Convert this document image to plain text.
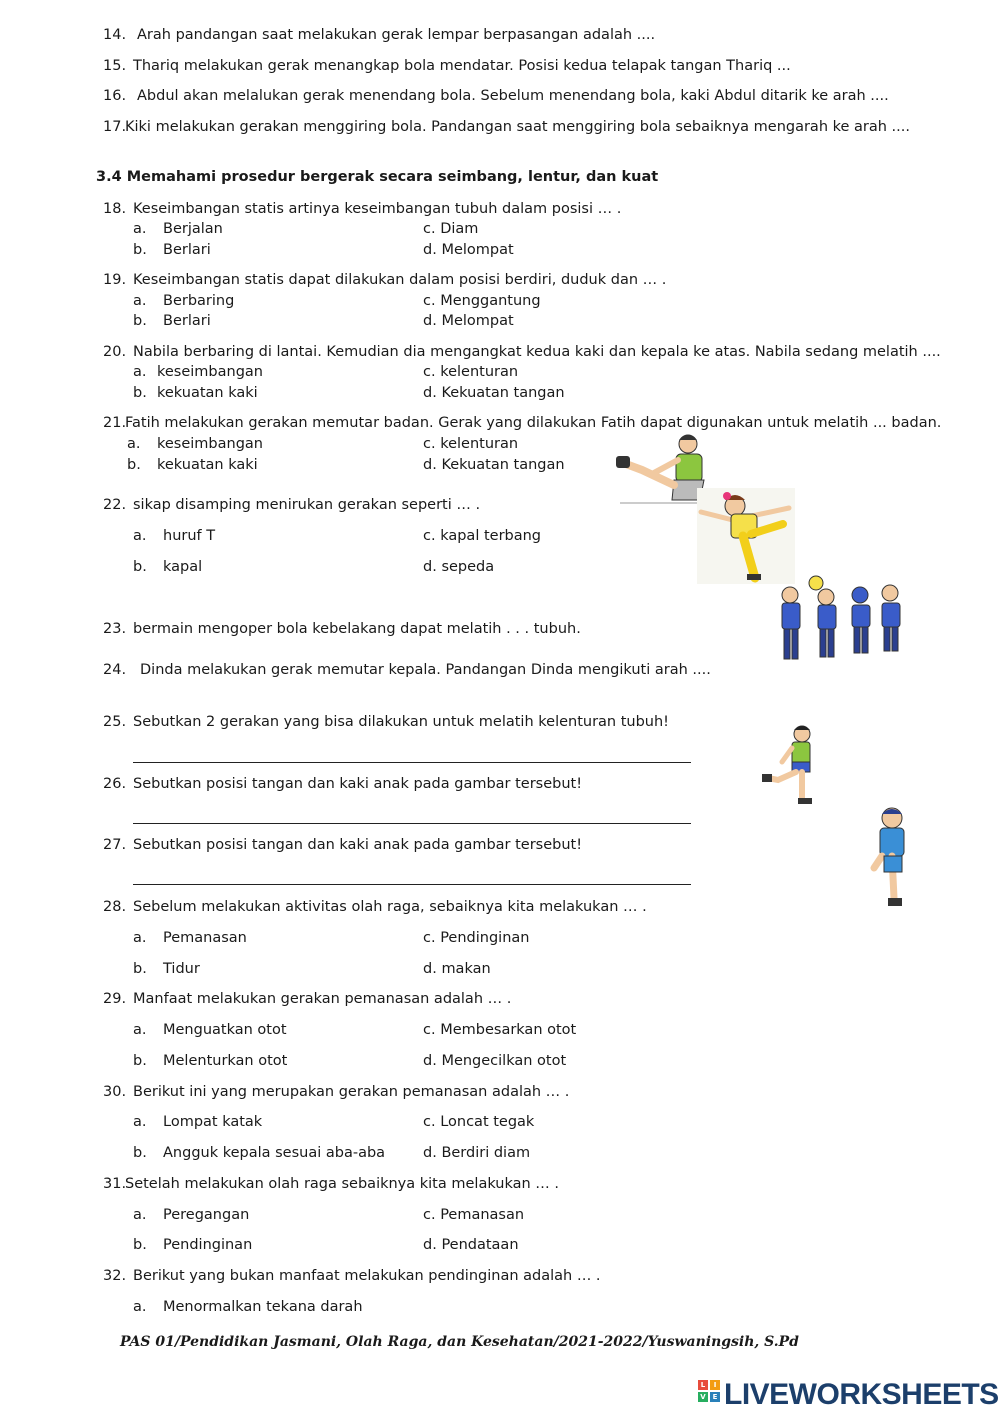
14. Arah pandangan saat melakukan gerak lempar berpasangan adalah ....
15. Thariq melakukan gerak menangkap bola mendatar. Posisi kedua telapak tangan Thariq ...
16. Abdul akan melalukan gerak menendang bola. Sebelum menendang bola, kaki Abdul ditarik ke arah ....
17.
Kiki melakukan gerakan menggiring bola. Pandangan saat menggiring bola sebaiknya mengarah ke arah ....
3.4 Memahami prosedur bergerak secara seimbang, lentur, dan kuat
18. Keseimbangan statis artinya keseimbangan tubuh dalam posisi … .
a. Berjalan	c. Diam
b. Berlari	d. Melompat
19. Keseimbangan statis dapat dilakukan dalam posisi berdiri, duduk dan … .
a. Berbaring	c. Menggantung
b. Berlari	d. Melompat
20. Nabila berbaring di lantai. Kemudian dia mengangkat kedua kaki dan kepala ke atas. Nabila sedang melatih ....
a. keseimbangan	c. kelenturan
b. kekuatan kaki	d. Kekuatan tangan
21.
Fatih melakukan gerakan memutar badan. Gerak yang dilakukan Fatih dapat digunakan untuk melatih ... badan.
a. keseimbangan	c. kelenturan
b. kekuatan kaki	d. Kekuatan tangan
22. sikap disamping menirukan gerakan seperti … .
a. huruf T	c. kapal terbang
b. kapal	d. sepeda
23. bermain mengoper bola kebelakang dapat melatih . . . tubuh.
24. Dinda melakukan gerak memutar kepala. Pandangan Dinda mengikuti arah ....
25. Sebutkan 2 gerakan yang bisa dilakukan untuk melatih kelenturan tubuh!
26. Sebutkan posisi tangan dan kaki anak pada gambar tersebut!
27. Sebutkan posisi tangan dan kaki anak pada gambar tersebut!
28. Sebelum melakukan aktivitas olah raga, sebaiknya kita melakukan … .
a. Pemanasan	c. Pendinginan
b. Tidur	d. makan
29. Manfaat melakukan gerakan pemanasan adalah … .
a. Menguatkan otot	c. Membesarkan otot
b. Melenturkan otot	d. Mengecilkan otot
30. Berikut ini yang merupakan gerakan pemanasan adalah … .
a. Lompat katak	c. Loncat tegak
b. Angguk kepala sesuai aba-aba	d. Berdiri diam
31.
Setelah melakukan olah raga sebaiknya kita melakukan … .
a. Peregangan	c. Pemanasan
b. Pendinginan	d. Pendataan
32. Berikut yang bukan manfaat melakukan pendinginan adalah … .
a. Menormalkan tekana darah
PAS 01/Pendidikan Jasmani, Olah Raga, dan Kesehatan/2021-2022/Yuswaningsih, S.Pd
L	I
V E LIVEWORKSHEETS
